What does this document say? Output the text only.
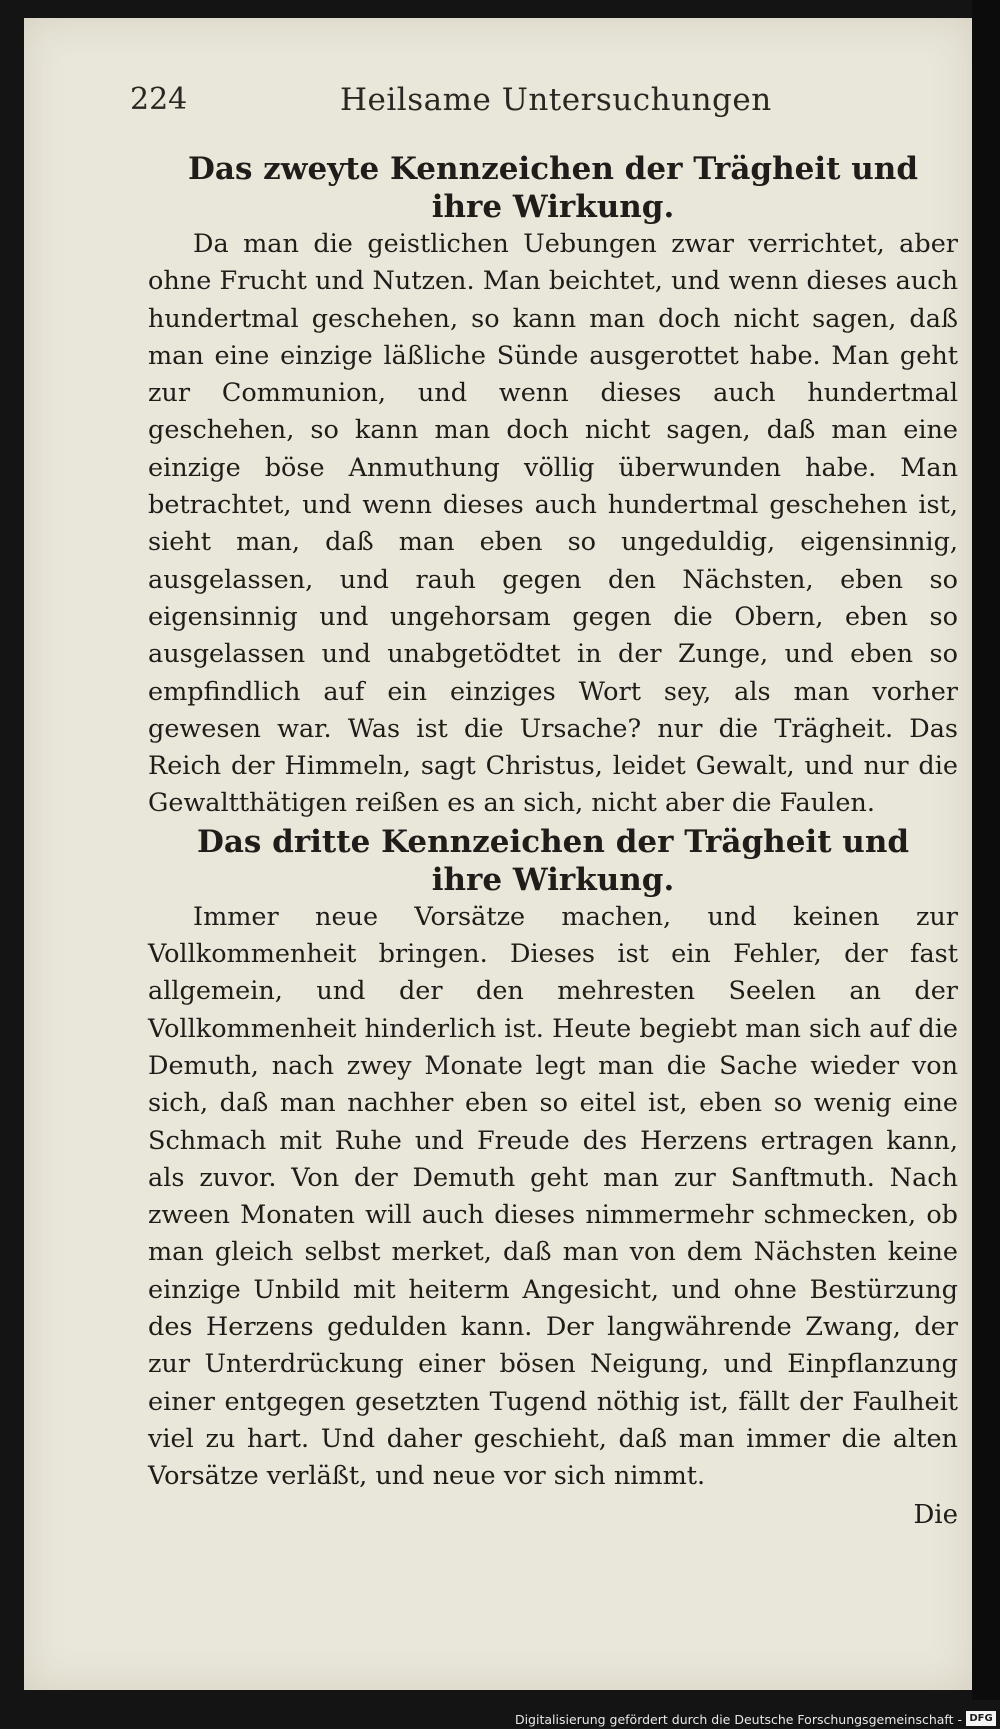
224	Heilsame Untersuchungen
Das zweyte Kennzeichen der Trägheit und ihre Wirkung.

Da man die geistlichen Uebungen zwar verrichtet, aber ohne Frucht und Nutzen. Man beichtet, und wenn dieses auch hundertmal geschehen, so kann man doch nicht sagen, daß man eine einzige läßliche Sünde ausgerottet habe. Man geht zur Communion, und wenn dieses auch hundertmal geschehen, so kann man doch nicht sagen, daß man eine einzige böse Anmuthung völlig überwunden habe. Man betrachtet, und wenn dieses auch hundertmal geschehen ist, sieht man, daß man eben so ungeduldig, eigensinnig, ausgelassen, und rauh gegen den Nächsten, eben so eigensinnig und ungehorsam gegen die Obern, eben so ausgelassen und unabgetödtet in der Zunge, und eben so empfindlich auf ein einziges Wort sey, als man vorher gewesen war. Was ist die Ursache? nur die Trägheit. Das Reich der Himmeln, sagt Christus, leidet Gewalt, und nur die Gewaltthätigen reißen es an sich, nicht aber die Faulen.

Das dritte Kennzeichen der Trägheit und ihre Wirkung.

Immer neue Vorsätze machen, und keinen zur Vollkommenheit bringen. Dieses ist ein Fehler, der fast allgemein, und der den mehresten Seelen an der Vollkommenheit hinderlich ist. Heute begiebt man sich auf die Demuth, nach zwey Monate legt man die Sache wieder von sich, daß man nachher eben so eitel ist, eben so wenig eine Schmach mit Ruhe und Freude des Herzens ertragen kann, als zuvor. Von der Demuth geht man zur Sanftmuth. Nach zween Monaten will auch dieses nimmermehr schmecken, ob man gleich selbst merket, daß man von dem Nächsten keine einzige Unbild mit heiterm Angesicht, und ohne Bestürzung des Herzens gedulden kann. Der langwährende Zwang, der zur Unterdrückung einer bösen Neigung, und Einpflanzung einer entgegen gesetzten Tugend nöthig ist, fällt der Faulheit viel zu hart. Und daher geschieht, daß man immer die alten Vorsätze verläßt, und neue vor sich nimmt.

Die

Digitalisierung gefördert durch die Deutsche Forschungsgemeinschaft - DFG
